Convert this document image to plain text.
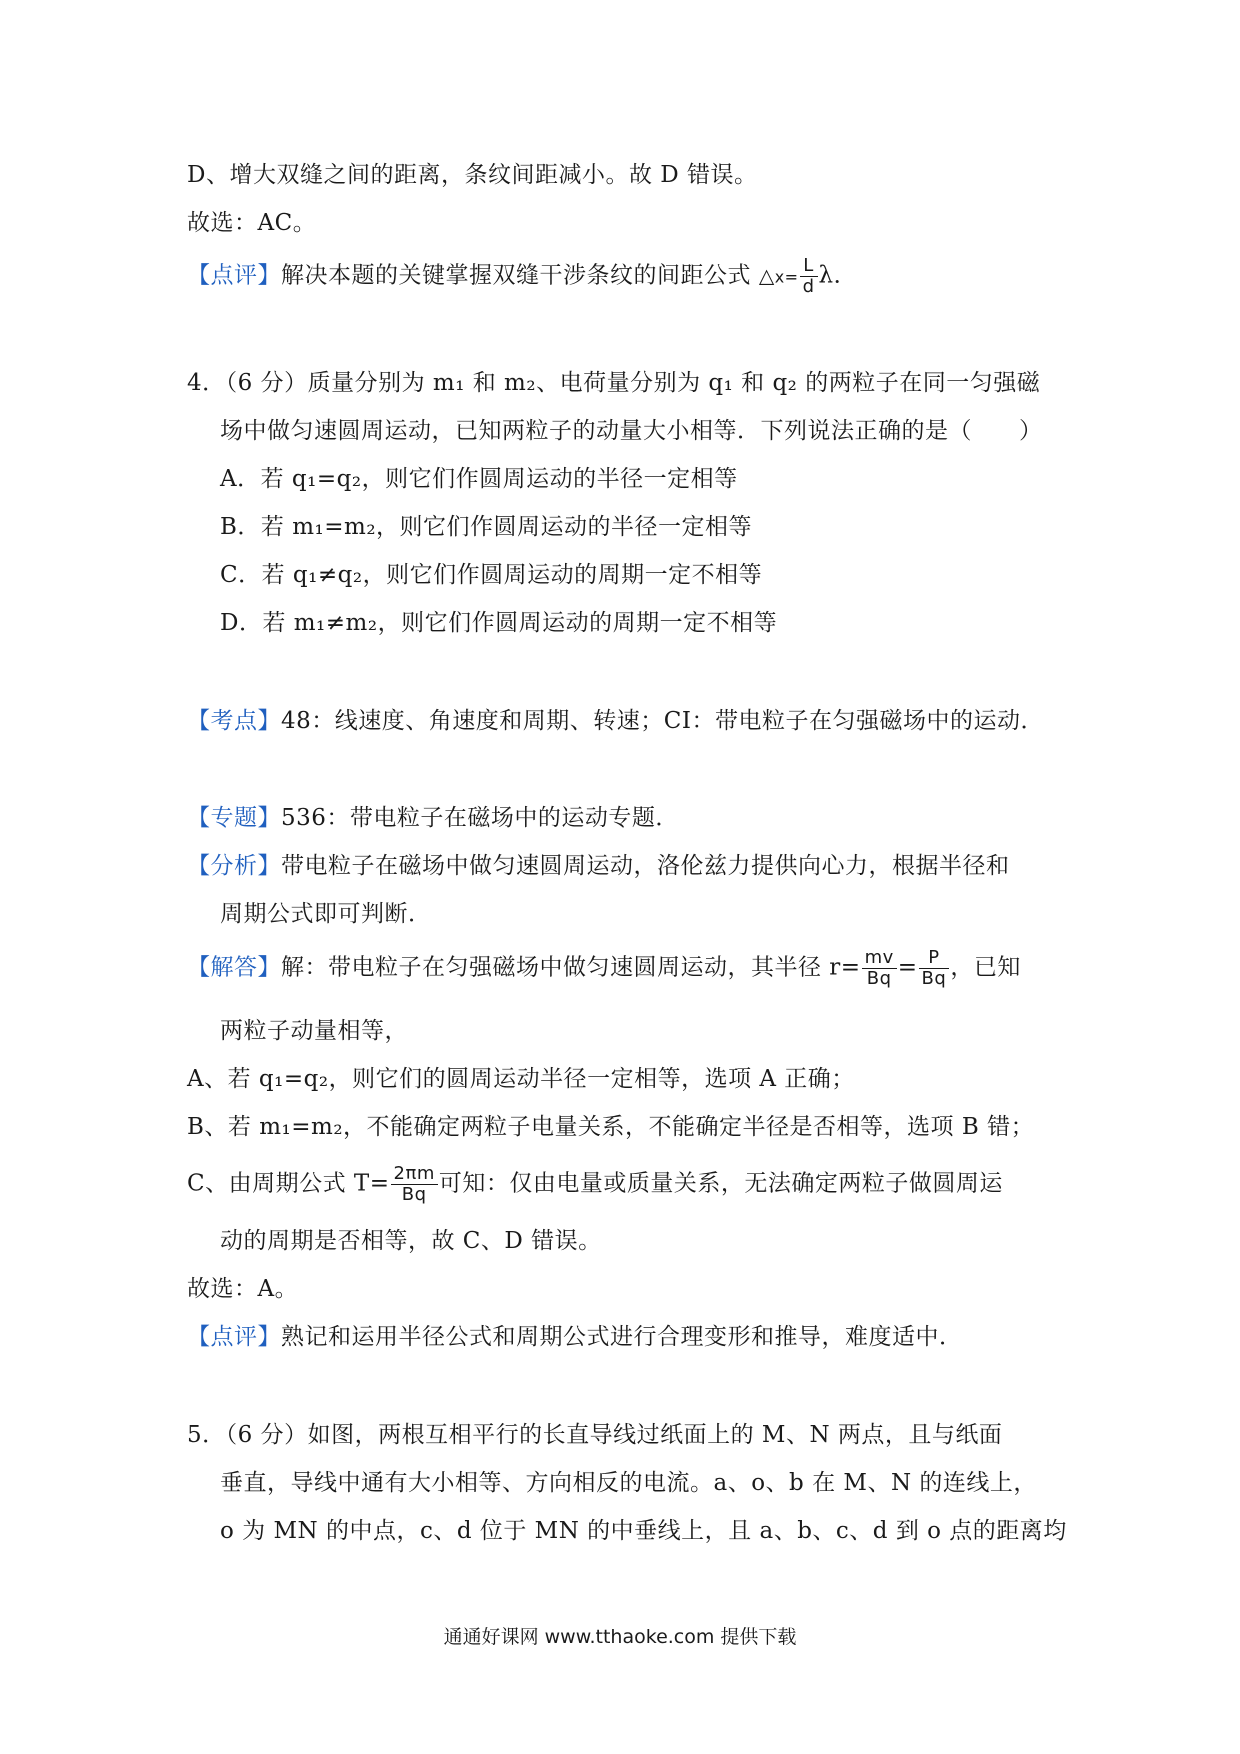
D、增大双缝之间的距离，条纹间距减小。故 D 错误。
故选：AC。
【点评】解决本题的关键掌握双缝干涉条纹的间距公式 △x= $\frac{L}{d}$ λ．
4．（6 分）质量分别为 m₁ 和 m₂、电荷量分别为 q₁ 和 q₂ 的两粒子在同一匀强磁
场中做匀速圆周运动，已知两粒子的动量大小相等．下列说法正确的是（　　）
A．若 q₁=q₂，则它们作圆周运动的半径一定相等
B．若 m₁=m₂，则它们作圆周运动的半径一定相等
C．若 q₁≠q₂，则它们作圆周运动的周期一定不相等
D．若 m₁≠m₂，则它们作圆周运动的周期一定不相等
【考点】48：线速度、角速度和周期、转速；CI：带电粒子在匀强磁场中的运动．
【专题】536：带电粒子在磁场中的运动专题．
【分析】带电粒子在磁场中做匀速圆周运动，洛伦兹力提供向心力，根据半径和
周期公式即可判断．
【解答】解：带电粒子在匀强磁场中做匀速圆周运动，其半径 $r= \frac{mv}{Bq} = \frac{P}{Bq}$ ，已知
两粒子动量相等，
A、若 q₁=q₂，则它们的圆周运动半径一定相等，选项 A 正确；
B、若 m₁=m₂，不能确定两粒子电量关系，不能确定半径是否相等，选项 B 错；
C、由周期公式 $T= \frac{2\pi m}{Bq}$ 可知：仅由电量或质量关系，无法确定两粒子做圆周运
动的周期是否相等，故 C、D 错误。
故选：A。
【点评】熟记和运用半径公式和周期公式进行合理变形和推导，难度适中．
5．（6 分）如图，两根互相平行的长直导线过纸面上的 M、N 两点，且与纸面
垂直，导线中通有大小相等、方向相反的电流。a、o、b 在 M、N 的连线上，
o 为 MN 的中点，c、d 位于 MN 的中垂线上，且 a、b、c、d 到 o 点的距离均
通通好课网 www.tthaoke.com 提供下载
